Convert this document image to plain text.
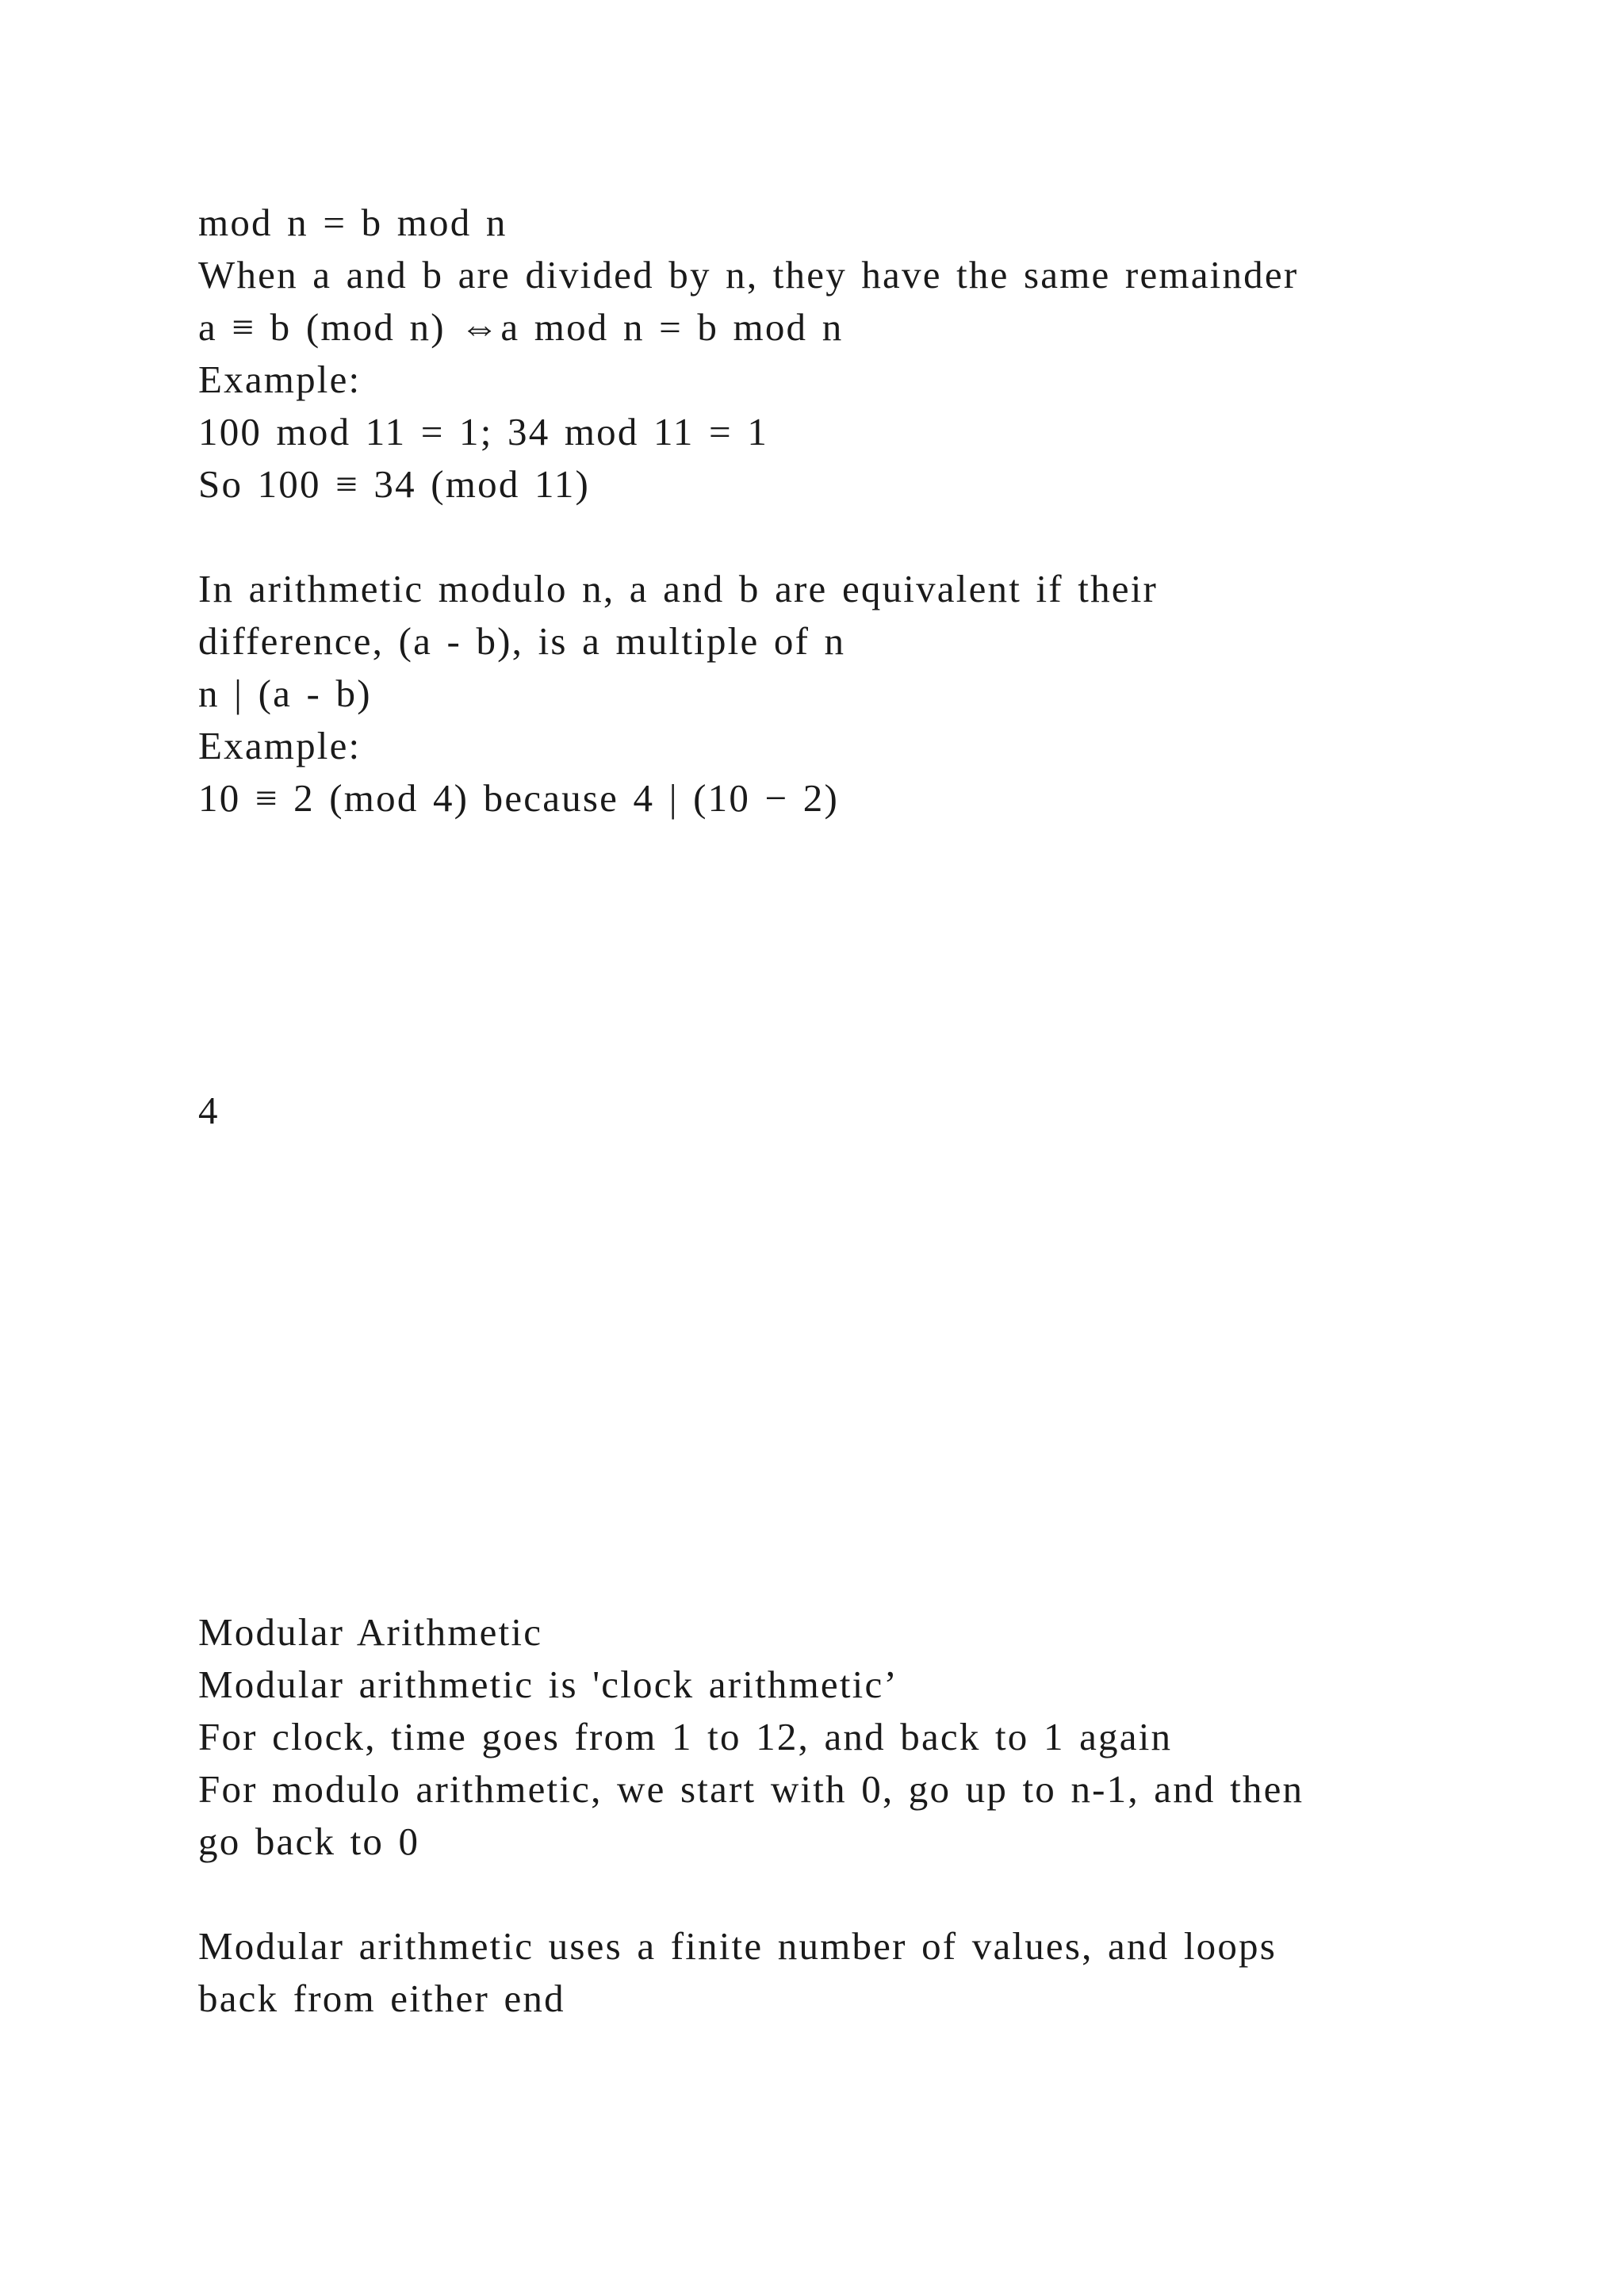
mod n = b mod n

When a and b are divided by n, they have the same remainder

a ≡ b (mod n) ⇔a mod n = b mod n

Example:

100 mod 11 = 1; 34 mod 11 = 1

So 100 ≡ 34 (mod 11)

In arithmetic modulo n, a and b are equivalent if their

difference, (a - b), is a multiple of n

n | (a - b)

Example:

10 ≡ 2 (mod 4) because 4 | (10 − 2)

4

Modular Arithmetic

Modular arithmetic is 'clock arithmetic’

For clock, time goes from 1 to 12, and back to 1 again

For modulo arithmetic, we start with 0, go up to n-1, and then

go back to 0

Modular arithmetic uses a finite number of values, and loops

back from either end
